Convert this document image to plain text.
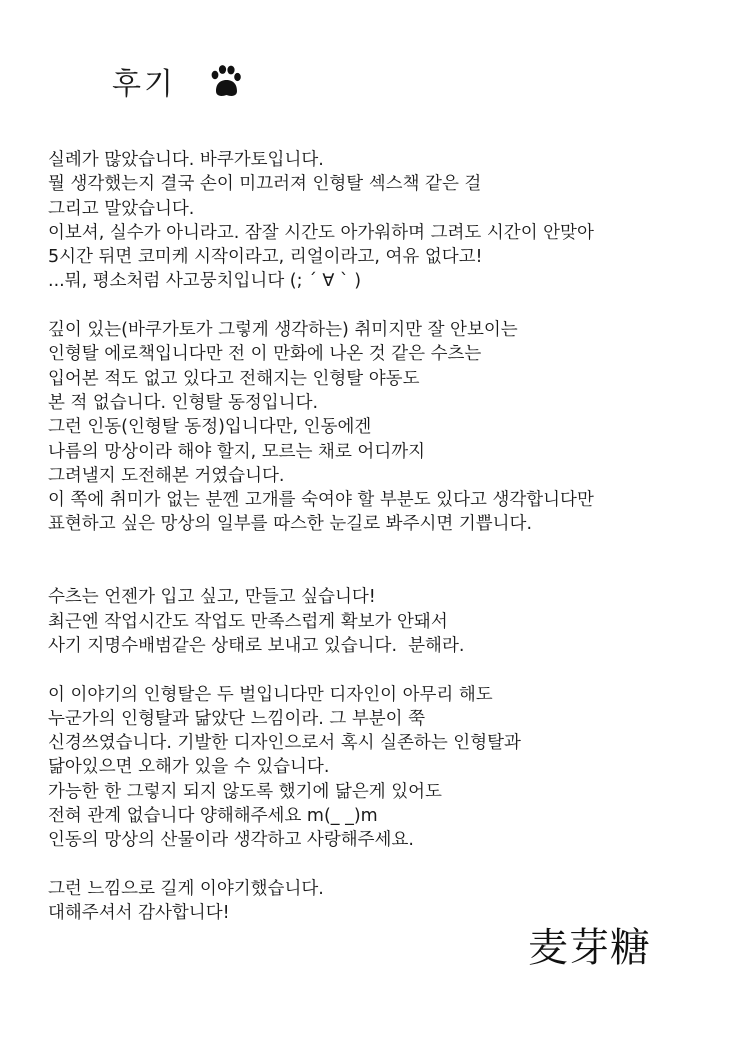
후기
실례가 많았습니다. 바쿠가토입니다.
뭘 생각했는지 결국 손이 미끄러져 인형탈 섹스책 같은 걸
그리고 말았습니다.
이보셔, 실수가 아니라고. 잠잘 시간도 아가워하며 그려도 시간이 안맞아
5시간 뒤면 코미케 시작이라고, 리얼이라고, 여유 없다고!
...뭐, 평소처럼 사고뭉치입니다 (; ´ ∀ ` )
깊이 있는(바쿠가토가 그렇게 생각하는) 취미지만 잘 안보이는
인형탈 에로책입니다만 전 이 만화에 나온 것 같은 수츠는
입어본 적도 없고 있다고 전해지는 인형탈 야동도
본 적 없습니다. 인형탈 동정입니다.
그런 인동(인형탈 동정)입니다만, 인동에겐
나름의 망상이라 해야 할지, 모르는 채로 어디까지
그려낼지 도전해본 거였습니다.
이 쪽에 취미가 없는 분껜 고개를 숙여야 할 부분도 있다고 생각합니다만
표현하고 싶은 망상의 일부를 따스한 눈길로 봐주시면 기쁩니다.
수츠는 언젠가 입고 싶고, 만들고 싶습니다!
최근엔 작업시간도 작업도 만족스럽게 확보가 안돼서
사기 지명수배범같은 상태로 보내고 있습니다.  분해라.
이 이야기의 인형탈은 두 벌입니다만 디자인이 아무리 해도
누군가의 인형탈과 닮았단 느낌이라. 그 부분이 쭉
신경쓰였습니다. 기발한 디자인으로서 혹시 실존하는 인형탈과
닮아있으면 오해가 있을 수 있습니다.
가능한 한 그렇지 되지 않도록 했기에 닮은게 있어도
전혀 관계 없습니다 양해해주세요 m(_ _)m
인동의 망상의 산물이라 생각하고 사랑해주세요.
그런 느낌으로 길게 이야기했습니다.
대해주셔서 감사합니다!
麦芽糖
